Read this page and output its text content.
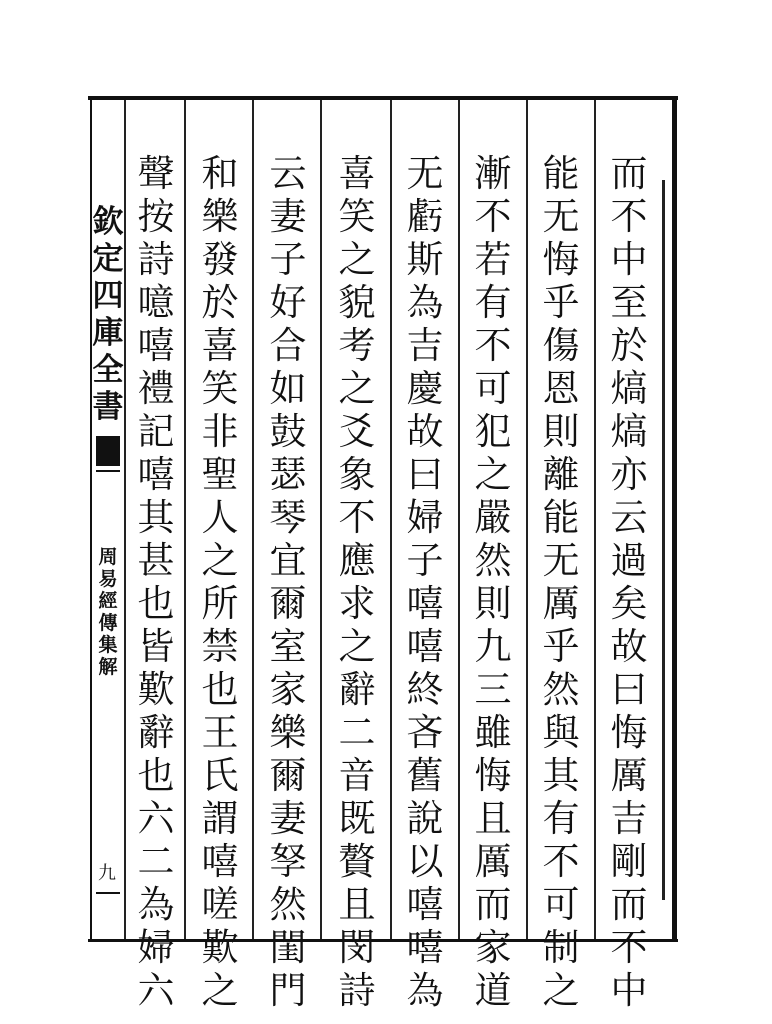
欽
定
四
庫
全
書
周
易
經
傳
集
解
九
而
不
中
至
於
熇
熇
亦
云
過
矣
故
曰
悔
厲
吉
剛
而
不
中
能
无
悔
乎
傷
恩
則
離
能
无
厲
乎
然
與
其
有
不
可
制
之
漸
不
若
有
不
可
犯
之
嚴
然
則
九
三
雖
悔
且
厲
而
家
道
无
虧
斯
為
吉
慶
故
曰
婦
子
嘻
嘻
終
吝
舊
說
以
嘻
嘻
為
喜
笑
之
貌
考
之
爻
象
不
應
求
之
辭
二
音
既
贅
且
閔
詩
云
妻
子
好
合
如
鼓
瑟
琴
宜
爾
室
家
樂
爾
妻
孥
然
閨
門
和
樂
發
於
喜
笑
非
聖
人
之
所
禁
也
王
氏
謂
嘻
嗟
歎
之
聲
按
詩
噫
嘻
禮
記
嘻
其
甚
也
皆
歎
辭
也
六
二
為
婦
六
